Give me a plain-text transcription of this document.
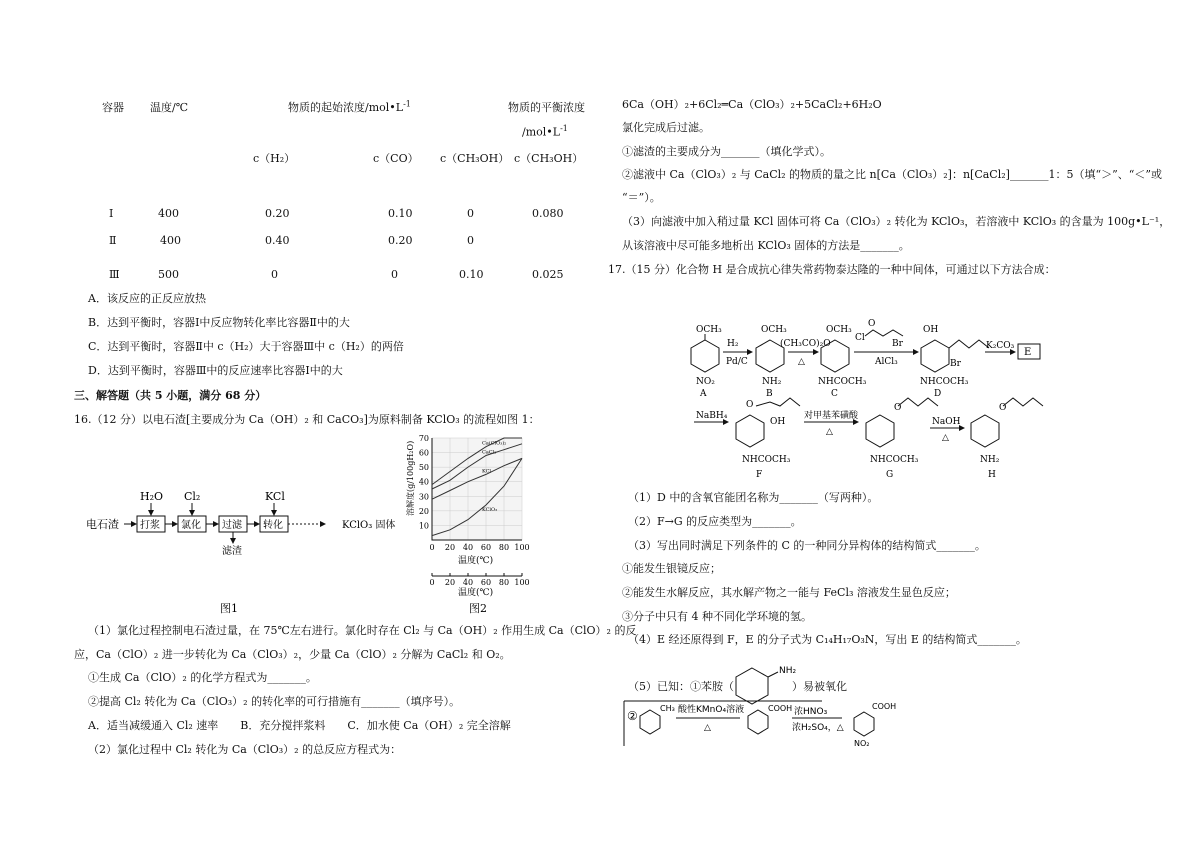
容器 温度/℃	物质的起始浓度$/mol•L^{-1}$	物质的平衡浓度
$/mol•L^{-1}$
c（H₂）	c（CO） c（CH₃OH） c（CH₃OH）
Ⅰ	400	0.20	0.10	0	0.080
Ⅱ	400	0.40	0.20	0
Ⅲ	500	0	0	0.10	0.025
A．该反应的正反应放热
B．达到平衡时，容器Ⅰ中反应物转化率比容器Ⅱ中的大
C．达到平衡时，容器Ⅱ中 c（H₂）大于容器Ⅲ中 c（H₂）的两倍
D．达到平衡时，容器Ⅲ中的反应速率比容器Ⅰ中的大
三、解答题（共 5 小题，满分 68 分）
16.（12 分）以电石渣[主要成分为 Ca（OH）₂ 和 CaCO₃]为原料制备 KClO₃ 的流程如图 1：
电石渣 打浆 氯化 过滤 转化	KClO₃ 固体
H₂O Cl₂	KCl
滤渣
图1
10
20
30
40
50
60
70
0 20 40 60 80 100
Ca(ClO₃)₂
CaCl₂
KCl
KClO₃
温度(℃)
溶解度(g/100gH₂O)
0 20 40 60 80 100
温度(℃)
图2
（1）氯化过程控制电石渣过量，在 75℃左右进行。氯化时存在 Cl₂ 与 Ca（OH）₂ 作用生成 Ca（ClO）₂ 的反
应，Ca（ClO）₂ 进一步转化为 Ca（ClO₃）₂，少量 Ca（ClO）₂ 分解为 CaCl₂ 和 O₂。
①生成 Ca（ClO）₂ 的化学方程式为_______。
②提高 Cl₂ 转化为 Ca（ClO₃）₂ 的转化率的可行措施有_______（填序号）。
A．适当减缓通入 Cl₂ 速率　　B．充分搅拌浆料　　C．加水使 Ca（OH）₂ 完全溶解
（2）氯化过程中 Cl₂ 转化为 Ca（ClO₃）₂ 的总反应方程式为：
6Ca（OH）₂+6Cl₂═Ca（ClO₃）₂+5CaCl₂+6H₂O
氯化完成后过滤。
①滤渣的主要成分为_______（填化学式）。
②滤液中 Ca（ClO₃）₂ 与 CaCl₂ 的物质的量之比 n[Ca（ClO₃）₂]：n[CaCl₂]_______1：5（填“＞”、“＜”或
“＝”）。
（3）向滤液中加入稍过量 KCl 固体可将 Ca（ClO₃）₂ 转化为 KClO₃，若溶液中 KClO₃ 的含量为 100g•L⁻¹，
从该溶液中尽可能多地析出 KClO₃ 固体的方法是_______。
17.（15 分）化合物 H 是合成抗心律失常药物泰达隆的一种中间体，可通过以下方法合成：
OCH₃
NO₂
A
H₂
Pd/C
OCH₃
NH₂
B
(CH₃CO)₂O
△
OCH₃
NHCOCH₃
C
O
Cl
Br
AlCl₃
OH
Br
NHCOCH₃
D
K₂CO₃
E
NaBH₄
OH
O
NHCOCH₃
F
对甲基苯磺酸
△
O
NHCOCH₃
G
NaOH
△
O
NH₂
H
（1）D 中的含氧官能团名称为_______（写两种）。
（2）F→G 的反应类型为_______。
（3）写出同时满足下列条件的 C 的一种同分异构体的结构简式_______。
①能发生银镜反应；
②能发生水解反应，其水解产物之一能与 FeCl₃ 溶液发生显色反应；
③分子中只有 4 种不同化学环境的氢。
（4）E 经还原得到 F，E 的分子式为 C₁₄H₁₇O₃N，写出 E 的结构简式_______。
（5）已知：①苯胺（
NH₂
）易被氧化
②
CH₃ 酸性KMnO₄溶液
△
COOH 浓HNO₃
浓H₂SO₄，△
COOH
NO₂
